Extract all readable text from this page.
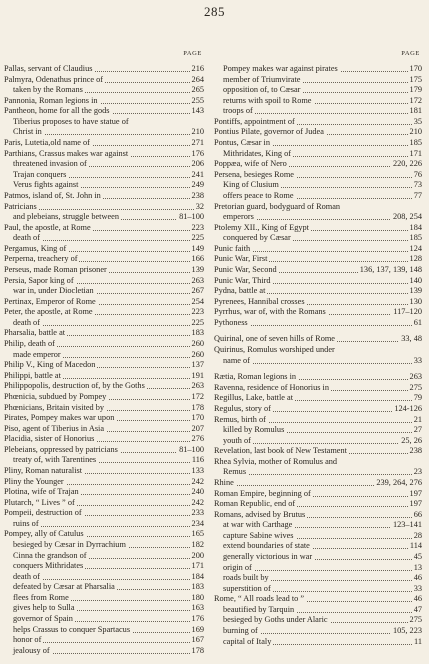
285
PAGE
Pallas, servant of Claudius	216
Palmyra, Odenathus prince of	264
taken by the Romans	265
Pannonia, Roman legions in	255
Pantheon, home for all the gods	143
Tiberius proposes to have statue of
Christ in	210
Paris, Lutetia,old name of	271
Parthians, Crassus makes war against	176
threatened invasion of	206
Trajan conquers	241
Verus fights against	249
Patmos, island of, St. John in	238
Patricians	32
and plebeians, struggle between	81–100
Paul, the apostle, at Rome	223
death of	225
Pergamus, King of	149
Perperna, treachery of	166
Perseus, made Roman prisoner	139
Persia, Sapor king of	263
war in, under Diocletian	267
Pertinax, Emperor of Rome	254
Peter, the apostle, at Rome	223
death of	225
Pharsalia, battle at	183
Philip, death of	260
made emperor	260
Philip V., King of Macedon	137
Philippi, battle at	191
Philippopolis, destruction of, by the Goths	263
Phœnicia, subdued by Pompey	172
Phœnicians, Britain visited by	178
Pirates, Pompey makes war upon	170
Piso, agent of Tiberius in Asia	207
Placidia, sister of Honorius	276
Plebeians, oppressed by patricians	81–100
treaty of, with Tarentines	116
Pliny, Roman naturalist	133
Pliny the Younger	242
Plotina, wife of Trajan	240
Plutarch, “ Lives ” of	242
Pompeii, destruction of	233
ruins of	234
Pompey, ally of Catulus	165
besieged by Cæsar in Dyrrachium	182
Cinna the grandson of	200
conquers Mithridates	171
death of	184
defeated by Cæsar at Pharsalia	183
flees from Rome	180
gives help to Sulla	163
governor of Spain	176
helps Crassus to conquer Spartacus	169
honor of	167
jealousy of	178
PAGE
Pompey makes war against pirates	170
member of Triumvirate	175
opposition of, to Cæsar	179
returns with spoil to Rome	172
troops of	181
Pontiffs, appointment of	35
Pontius Pilate, governor of Judea	210
Pontus, Cæsar in	185
Mithridates, King of	171
Poppæa, wife of Nero	220, 226
Persena, besieges Rome	76
King of Clusium	73
offers peace to Rome	77
Pretorian guard, bodyguard of Roman
emperors	208, 254
Ptolemy XII., King of Egypt	184
conquered by Cæsar	185
Punic faith	124
Punic War, First	128
Punic War, Second	136, 137, 139, 148
Punic War, Third	140
Pydna, battle at	139
Pyrenees, Hannibal crosses	130
Pyrrhus, war of, with the Romans	117–120
Pythoness	61
Quirinal, one of seven hills of Rome	33, 48
Quirinus, Romulus worshiped under
name of	33
Rætia, Roman legions in	263
Ravenna, residence of Honorius in	275
Regillus, Lake, battle at	79
Regulus, story of	124-126
Remus, birth of	21
killed by Romulus	27
youth of	25, 26
Revelation, last book of New Testament	238
Rhea Sylvia, mother of Romulus and
Remus	23
Rhine	239, 264, 276
Roman Empire, beginning of	197
Roman Republic, end of	197
Romans, advised by Brutus	66
at war with Carthage	123–141
capture Sabine wives	28
extend boundaries of state	114
generally victorious in war	45
origin of	13
roads built by	46
superstition of	33
Rome, “ All roads lead to ”	46
beautified by Tarquin	47
besieged by Goths under Alaric	275
burning of	105, 223
capital of Italy	11
